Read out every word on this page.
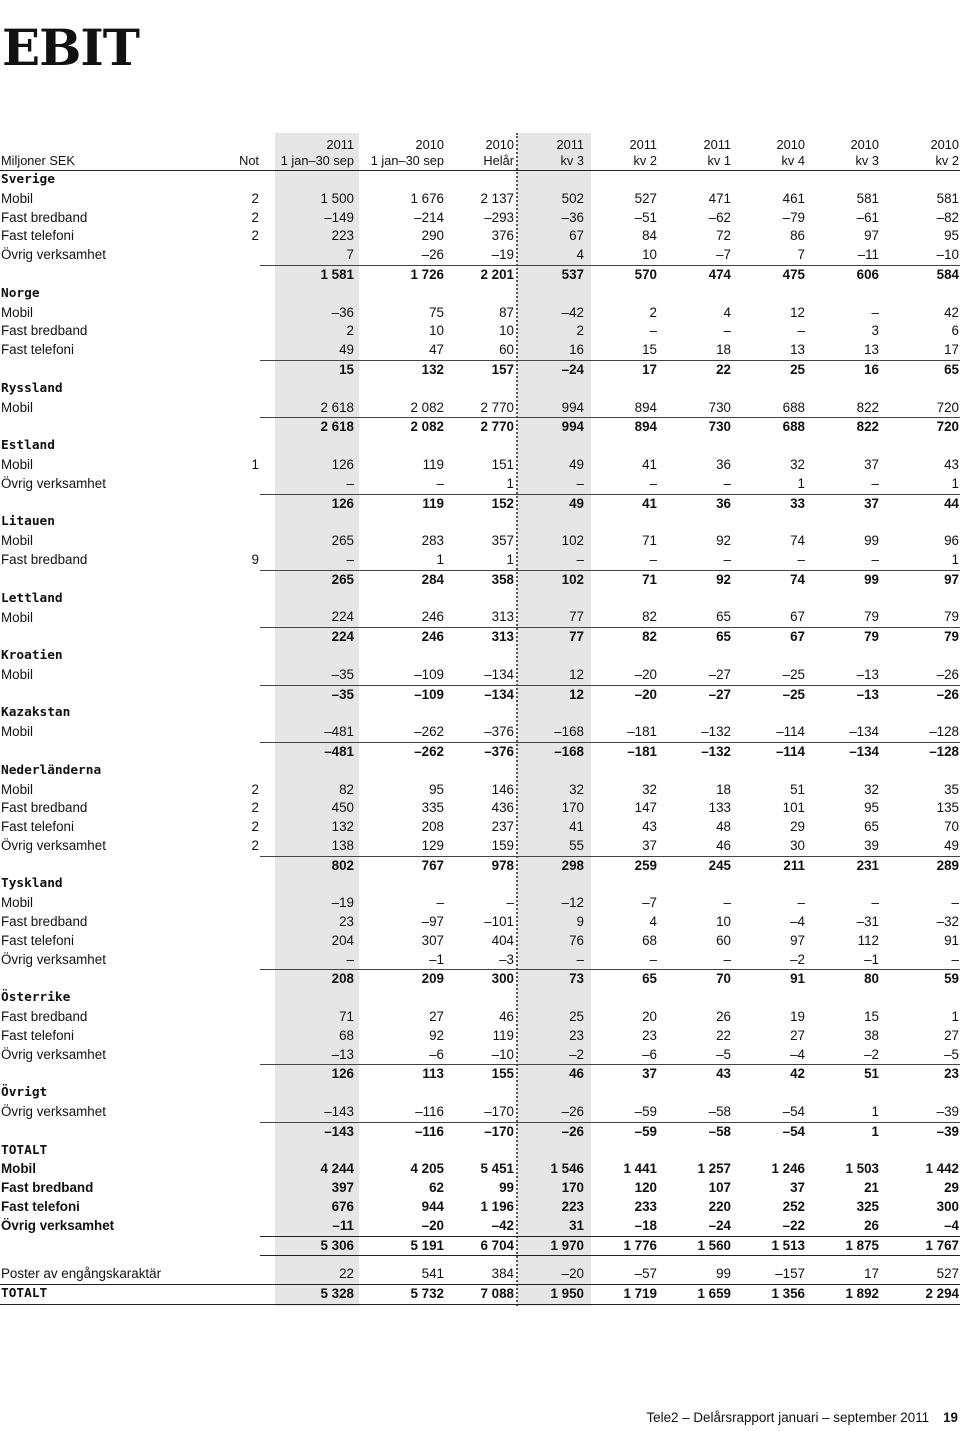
EBIT
		2011	2010	2010	2011	2011	2011	2010	2010	2010
Miljoner SEK	Not	1 jan–30 sep	1 jan–30 sep	Helår	kv 3	kv 2	kv 1	kv 4	kv 3	kv 2
Sverige										
Mobil	2	1 500	1 676	2 137	502	527	471	461	581	581
Fast bredband	2	–149	–214	–293	–36	–51	–62	–79	–61	–82
Fast telefoni	2	223	290	376	67	84	72	86	97	95
Övrig verksamhet		7	–26	–19	4	10	–7	7	–11	–10
		1 581	1 726	2 201	537	570	474	475	606	584
Norge										
Mobil		–36	75	87	–42	2	4	12	–	42
Fast bredband		2	10	10	2	–	–	–	3	6
Fast telefoni		49	47	60	16	15	18	13	13	17
		15	132	157	–24	17	22	25	16	65
Ryssland										
Mobil		2 618	2 082	2 770	994	894	730	688	822	720
		2 618	2 082	2 770	994	894	730	688	822	720
Estland										
Mobil	1	126	119	151	49	41	36	32	37	43
Övrig verksamhet		–	–	1	–	–	–	1	–	1
		126	119	152	49	41	36	33	37	44
Litauen										
Mobil		265	283	357	102	71	92	74	99	96
Fast bredband	9	–	1	1	–	–	–	–	–	1
		265	284	358	102	71	92	74	99	97
Lettland										
Mobil		224	246	313	77	82	65	67	79	79
		224	246	313	77	82	65	67	79	79
Kroatien										
Mobil		–35	–109	–134	12	–20	–27	–25	–13	–26
		–35	–109	–134	12	–20	–27	–25	–13	–26
Kazakstan										
Mobil		–481	–262	–376	–168	–181	–132	–114	–134	–128
		–481	–262	–376	–168	–181	–132	–114	–134	–128
Nederländerna										
Mobil	2	82	95	146	32	32	18	51	32	35
Fast bredband	2	450	335	436	170	147	133	101	95	135
Fast telefoni	2	132	208	237	41	43	48	29	65	70
Övrig verksamhet	2	138	129	159	55	37	46	30	39	49
		802	767	978	298	259	245	211	231	289
Tyskland										
Mobil		–19	–	–	–12	–7	–	–	–	–
Fast bredband		23	–97	–101	9	4	10	–4	–31	–32
Fast telefoni		204	307	404	76	68	60	97	112	91
Övrig verksamhet		–	–1	–3	–	–	–	–2	–1	–
		208	209	300	73	65	70	91	80	59
Österrike										
Fast bredband		71	27	46	25	20	26	19	15	1
Fast telefoni		68	92	119	23	23	22	27	38	27
Övrig verksamhet		–13	–6	–10	–2	–6	–5	–4	–2	–5
		126	113	155	46	37	43	42	51	23
Övrigt										
Övrig verksamhet		–143	–116	–170	–26	–59	–58	–54	1	–39
		–143	–116	–170	–26	–59	–58	–54	1	–39
TOTALT										
Mobil		4 244	4 205	5 451	1 546	1 441	1 257	1 246	1 503	1 442
Fast bredband		397	62	99	170	120	107	37	21	29
Fast telefoni		676	944	1 196	223	233	220	252	325	300
Övrig verksamhet		–11	–20	–42	31	–18	–24	–22	26	–4
		5 306	5 191	6 704	1 970	1 776	1 560	1 513	1 875	1 767

Poster av engångskaraktär		22	541	384	–20	–57	99	–157	17	527
TOTALT		5 328	5 732	7 088	1 950	1 719	1 659	1 356	1 892	2 294
Tele2 – Delårsrapport januari – september 2011 19
